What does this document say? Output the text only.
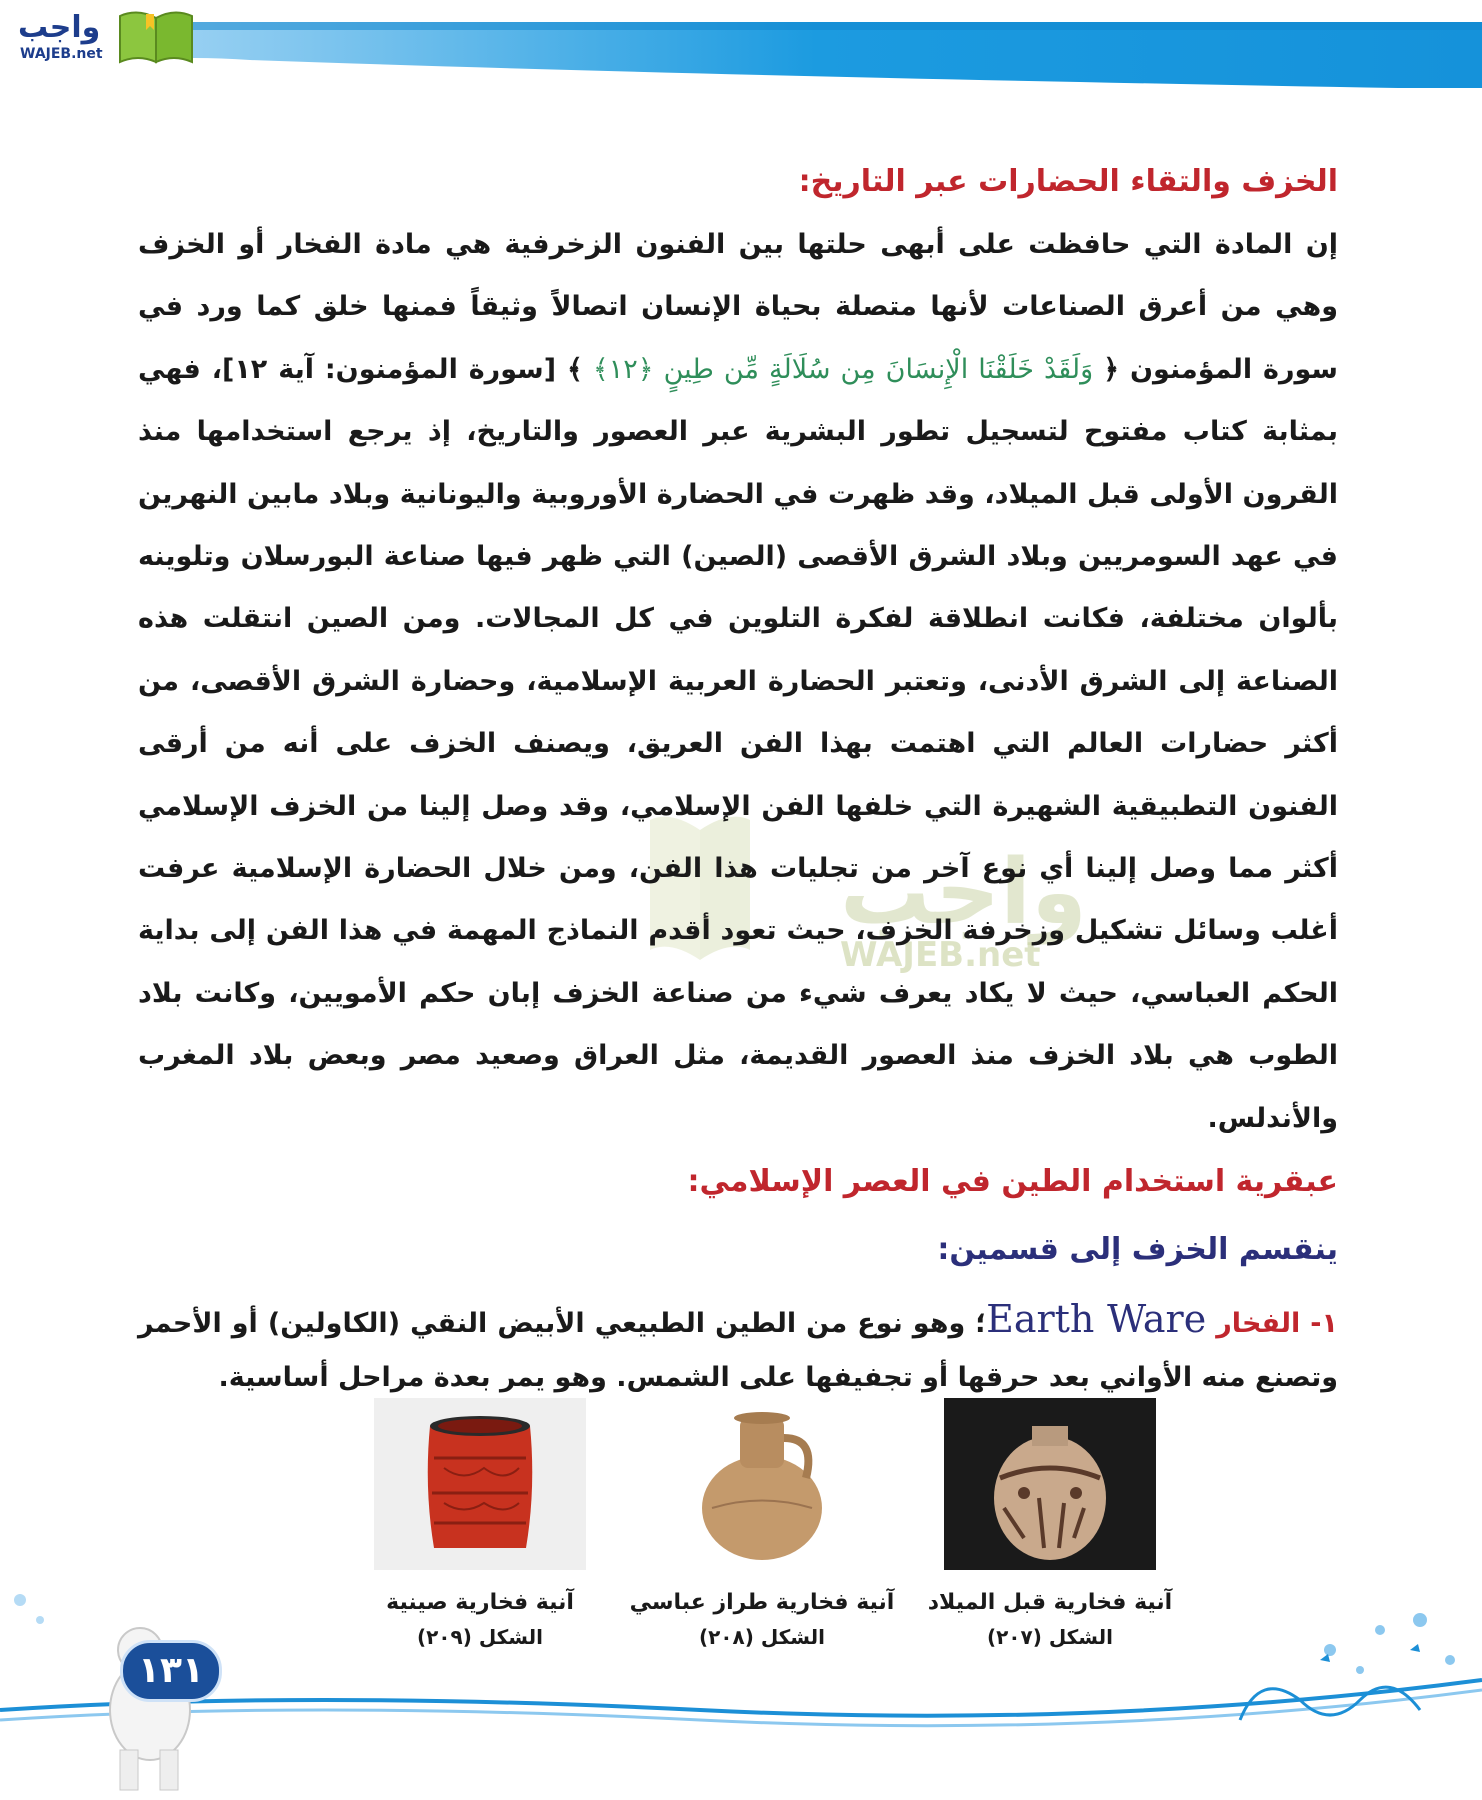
واجب
WAJEB.net
واجب
WAJEB.net
الخزف والتقاء الحضارات عبر التاريخ:

إن المادة التي حافظت على أبهى حلتها بين الفنون الزخرفية هي مادة الفخار أو الخزف وهي من أعرق الصناعات لأنها متصلة بحياة الإنسان اتصالاً وثيقاً فمنها خلق كما ورد في سورة المؤمنون ﴿ وَلَقَدْ خَلَقْنَا الْإِنسَانَ مِن سُلَالَةٍ مِّن طِينٍ ﴿١٢﴾ ﴾ [سورة المؤمنون: آية ١٢]، فهي بمثابة كتاب مفتوح لتسجيل تطور البشرية عبر العصور والتاريخ، إذ يرجع استخدامها منذ القرون الأولى قبل الميلاد، وقد ظهرت في الحضارة الأوروبية واليونانية وبلاد مابين النهرين في عهد السومريين وبلاد الشرق الأقصى (الصين) التي ظهر فيها صناعة البورسلان وتلوينه بألوان مختلفة، فكانت انطلاقة لفكرة التلوين في كل المجالات. ومن الصين انتقلت هذه الصناعة إلى الشرق الأدنى، وتعتبر الحضارة العربية الإسلامية، وحضارة الشرق الأقصى، من أكثر حضارات العالم التي اهتمت بهذا الفن العريق، ويصنف الخزف على أنه من أرقى الفنون التطبيقية الشهيرة التي خلفها الفن الإسلامي، وقد وصل إلينا من الخزف الإسلامي أكثر مما وصل إلينا أي نوع آخر من تجليات هذا الفن، ومن خلال الحضارة الإسلامية عرفت أغلب وسائل تشكيل وزخرفة الخزف، حيث تعود أقدم النماذج المهمة في هذا الفن إلى بداية الحكم العباسي، حيث لا يكاد يعرف شيء من صناعة الخزف إبان حكم الأمويين، وكانت بلاد الطوب هي بلاد الخزف منذ العصور القديمة، مثل العراق وصعيد مصر وبعض بلاد المغرب والأندلس.

عبقرية استخدام الطين في العصر الإسلامي:
ينقسم الخزف إلى قسمين:

١- الفخار Earth Ware؛ وهو نوع من الطين الطبيعي الأبيض النقي (الكاولين) أو الأحمر وتصنع منه الأواني بعد حرقها أو تجفيفها على الشمس. وهو يمر بعدة مراحل أساسية.

آنية فخارية قبل الميلاد
الشكل (٢٠٧)
آنية فخارية طراز عباسي
الشكل (٢٠٨)
آنية فخارية صينية
الشكل (٢٠٩)
١٣١
